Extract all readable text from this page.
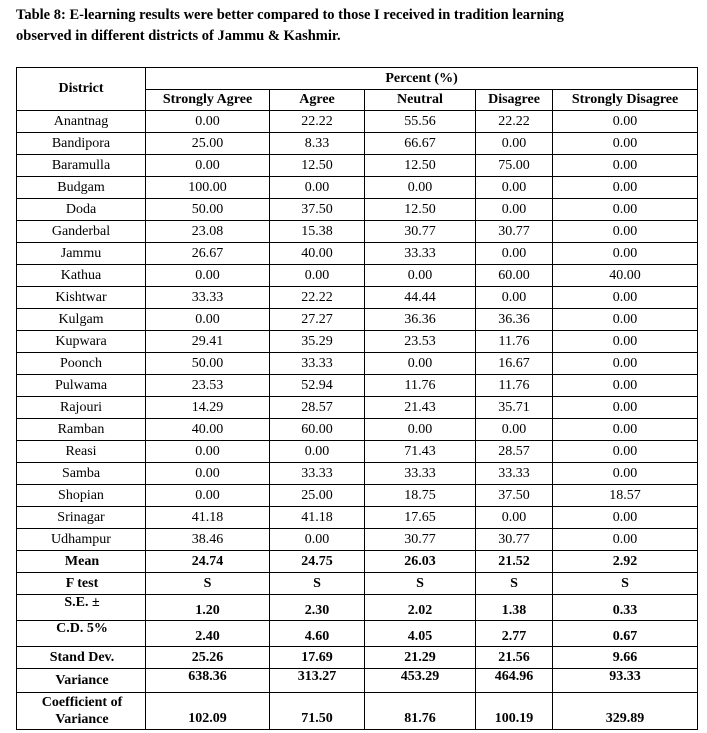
Table 8: E-learning results were better compared to those I received in tradition learning
observed in different districts of Jammu & Kashmir.
District	Percent (%)				
	Strongly Agree	Agree	Neutral	Disagree	Strongly Disagree
Anantnag	0.00	22.22	55.56	22.22	0.00
Bandipora	25.00	8.33	66.67	0.00	0.00
Baramulla	0.00	12.50	12.50	75.00	0.00
Budgam	100.00	0.00	0.00	0.00	0.00
Doda	50.00	37.50	12.50	0.00	0.00
Ganderbal	23.08	15.38	30.77	30.77	0.00
Jammu	26.67	40.00	33.33	0.00	0.00
Kathua	0.00	0.00	0.00	60.00	40.00
Kishtwar	33.33	22.22	44.44	0.00	0.00
Kulgam	0.00	27.27	36.36	36.36	0.00
Kupwara	29.41	35.29	23.53	11.76	0.00
Poonch	50.00	33.33	0.00	16.67	0.00
Pulwama	23.53	52.94	11.76	11.76	0.00
Rajouri	14.29	28.57	21.43	35.71	0.00
Ramban	40.00	60.00	0.00	0.00	0.00
Reasi	0.00	0.00	71.43	28.57	0.00
Samba	0.00	33.33	33.33	33.33	0.00
Shopian	0.00	25.00	18.75	37.50	18.57
Srinagar	41.18	41.18	17.65	0.00	0.00
Udhampur	38.46	0.00	30.77	30.77	0.00
Mean	24.74	24.75	26.03	21.52	2.92
F test	S	S	S	S	S
S.E. ±	1.20	2.30	2.02	1.38	0.33
C.D. 5%	2.40	4.60	4.05	2.77	0.67
Stand Dev.	25.26	17.69	21.29	21.56	9.66
Variance	638.36	313.27	453.29	464.96	93.33
Coefficient of
Variance	102.09	71.50	81.76	100.19	329.89
